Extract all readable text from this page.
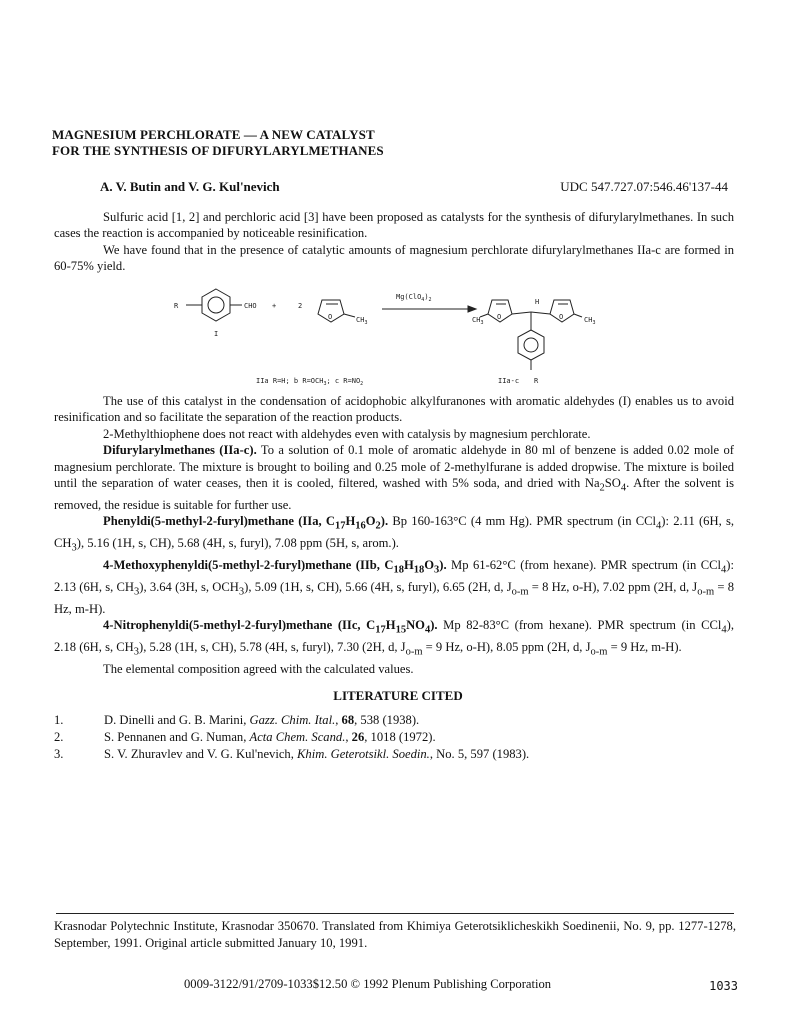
MAGNESIUM PERCHLORATE — A NEW CATALYST
FOR THE SYNTHESIS OF DIFURYLARYLMETHANES
A. V. Butin and V. G. Kul'nevich	UDC 547.727.07:546.46'137-44

Sulfuric acid [1, 2] and perchloric acid [3] have been proposed as catalysts for the synthesis of difurylarylmethanes. In such cases the reaction is accompanied by noticeable resinification.

We have found that in the presence of catalytic amounts of magnesium perchlorate difurylarylmethanes IIa-c are formed in 60-75% yield.

R	CHO +	2
O	$CH_3$
$Mg(ClO_4)_2$
O	O
$CH_3$	$CH_3$
H
I
IIa R=H; b $R=OCH_3$; c $R=NO_2$	IIa-c R

The use of this catalyst in the condensation of acidophobic alkylfuranones with aromatic aldehydes (I) enables us to avoid resinification and so facilitate the separation of the reaction products.

2-Methylthiophene does not react with aldehydes even with catalysis by magnesium perchlorate.

Difurylarylmethanes (IIa-c). To a solution of 0.1 mole of aromatic aldehyde in 80 ml of benzene is added 0.02 mole of magnesium perchlorate. The mixture is brought to boiling and 0.25 mole of 2-methylfurane is added dropwise. The mixture is boiled until the separation of water ceases, then it is cooled, filtered, washed with 5% soda, and dried with $Na_2SO_4$. After the solvent is removed, the residue is suitable for further use.

Phenyldi(5-methyl-2-furyl)methane (IIa, $C_{17}H_{16}O_2$). Bp 160-163°C (4 mm Hg). PMR spectrum (in CCl$_4$): 2.11 (6H, s, $CH_3$), 5.16 (1H, s, CH), 5.68 (4H, s, furyl), 7.08 ppm (5H, s, arom.).

4-Methoxyphenyldi(5-methyl-2-furyl)methane (IIb, $C_{18}H_{18}O_3$). Mp 61-62°C (from hexane). PMR spectrum (in CCl$_4$): 2.13 (6H, s, $CH_3$), 3.64 (3H, s, $OCH_3$), 5.09 (1H, s, CH), 5.66 (4H, s, furyl), 6.65 (2H, d, $J_{o-m} = 8$ Hz, o-H), 7.02 ppm (2H, d, $J_{o-m} = 8$ Hz, m-H).

4-Nitrophenyldi(5-methyl-2-furyl)methane (IIc, $C_{17}H_{15}NO_4$). Mp 82-83°C (from hexane). PMR spectrum (in CCl$_4$), 2.18 (6H, s, $CH_3$), 5.28 (1H, s, CH), 5.78 (4H, s, furyl), 7.30 (2H, d, $J_{o-m} = 9$ Hz, o-H), 8.05 ppm (2H, d, $J_{o-m} = 9$ Hz, m-H).

The elemental composition agreed with the calculated values.

LITERATURE CITED
1.	D. Dinelli and G. B. Marini, Gazz. Chim. Ital., 68, 538 (1938).
2.	S. Pennanen and G. Numan, Acta Chem. Scand., 26, 1018 (1972).
3.	S. V. Zhuravlev and V. G. Kul'nevich, Khim. Geterotsikl. Soedin., No. 5, 597 (1983).
Krasnodar Polytechnic Institute, Krasnodar 350670. Translated from Khimiya Geterotsiklicheskikh Soedinenii, No. 9, pp. 1277-1278, September, 1991. Original article submitted January 10, 1991.
0009-3122/91/2709-1033$12.50 © 1992 Plenum Publishing Corporation	1033
